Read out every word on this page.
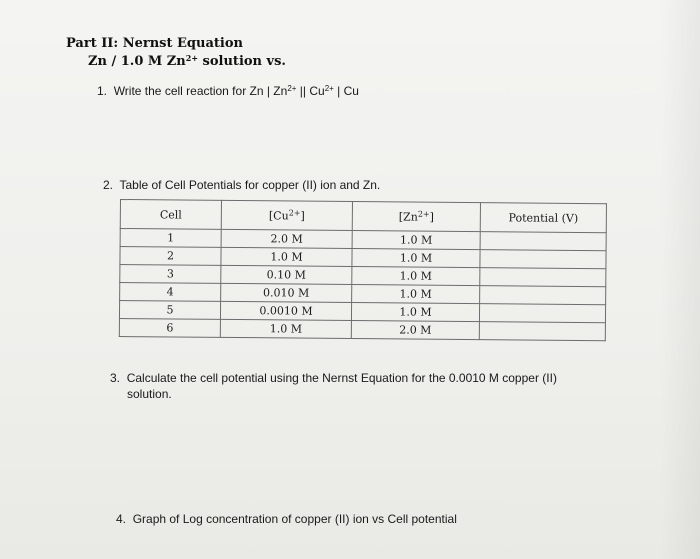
Part II: Nernst Equation
Zn / 1.0 M $Zn^{2+}$ solution vs.
1. Write the cell reaction for Zn | $Zn^{2+}$ || $Cu^{2+}$ | Cu
2. Table of Cell Potentials for copper (II) ion and Zn.
Cell	$[Cu^{2+}]$	$[Zn^{2+}]$	Potential (V)
1	2.0 M	1.0 M	
2	1.0 M	1.0 M	
3	0.10 M	1.0 M	
4	0.010 M	1.0 M	
5	0.0010 M	1.0 M	
6	1.0 M	2.0 M	
3. Calculate the cell potential using the Nernst Equation for the 0.0010 M copper (II)
solution.
4. Graph of Log concentration of copper (II) ion vs Cell potential
